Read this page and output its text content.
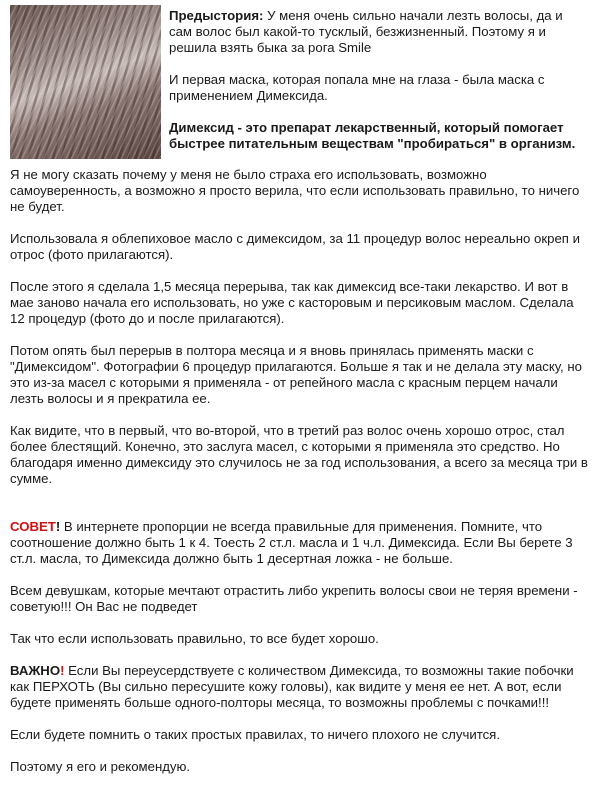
Предыстория: У меня очень сильно начали лезть волосы, да и сам волос был какой-то тусклый, безжизненный. Поэтому я и решила взять быка за рога Smile

И первая маска, которая попала мне на глаза - была маска с применением Димексида.

Димексид - это препарат лекарственный, который помогает быстрее питательным веществам "пробираться" в организм.

Я не могу сказать почему у меня не было страха его использовать, возможно самоуверенность, а возможно я просто верила, что если использовать правильно, то ничего не будет.

Использовала я облепиховое масло с димексидом, за 11 процедур волос нереально окреп и отрос (фото прилагаются).

После этого я сделала 1,5 месяца перерыва, так как димексид все-таки лекарство. И вот в мае заново начала его использовать, но уже с касторовым и персиковым маслом. Сделала 12 процедур (фото до и после прилагаются).

Потом опять был перерыв в полтора месяца и я вновь принялась применять маски с "Димексидом". Фотографии 6 процедур прилагаются. Больше я так и не делала эту маску, но это из-за масел с которыми я применяла - от репейного масла с красным перцем начали лезть волосы и я прекратила ее.

Как видите, что в первый, что во-второй, что в третий раз волос очень хорошо отрос, стал более блестящий. Конечно, это заслуга масел, с которыми я применяла это средство. Но благодаря именно димексиду это случилось не за год использования, а всего за месяца три в сумме.

СОВЕТ! В интернете пропорции не всегда правильные для применения. Помните, что соотношение должно быть 1 к 4. Тоесть 2 ст.л. масла и 1 ч.л. Димексида. Если Вы берете 3 ст.л. масла, то Димексида должно быть 1 десертная ложка - не больше.

Всем девушкам, которые мечтают отрастить либо укрепить волосы свои не теряя времени - советую!!! Он Вас не подведет

Так что если использовать правильно, то все будет хорошо.

ВАЖНО! Если Вы переусердствуете с количеством Димексида, то возможны такие побочки как ПЕРХОТЬ (Вы сильно пересушите кожу головы), как видите у меня ее нет. А вот, если будете применять больше одного-полторы месяца, то возможны проблемы с почками!!!

Если будете помнить о таких простых правилах, то ничего плохого не случится.

Поэтому я его и рекомендую.
